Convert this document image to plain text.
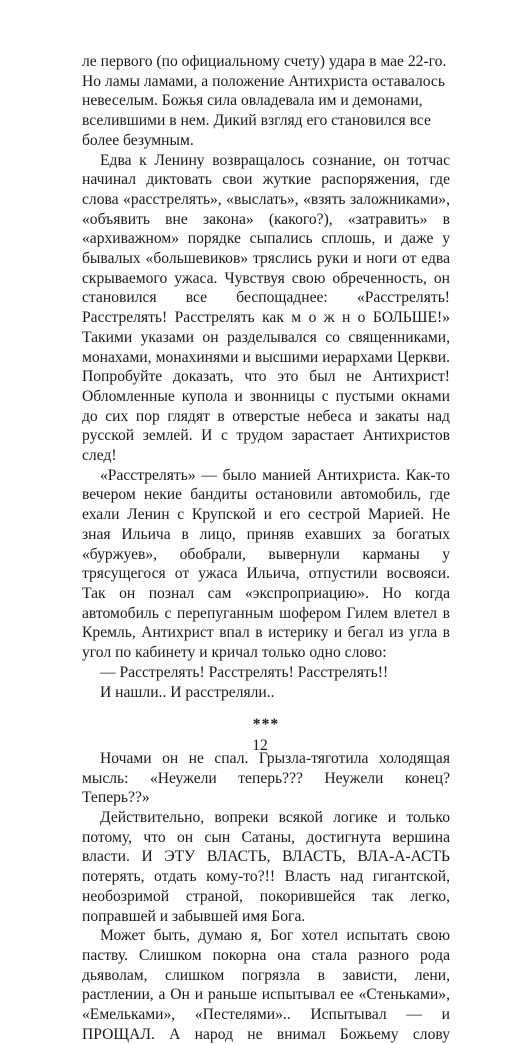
ле первого (по официальному счету) удара в мае 22-го. Но ламы ламами, а положение Антихриста оставалось невеселым. Божья сила овладевала им и демонами, вселившими в нем. Дикий взгляд его становился все более безумным.

Едва к Ленину возвращалось сознание, он тотчас начинал диктовать свои жуткие распоряжения, где слова «расстрелять», «выслать», «взять заложниками», «объявить вне закона» (какого?), «затравить» в «архиважном» порядке сыпались сплошь, и даже у бывалых «большевиков» тряслись руки и ноги от едва скрываемого ужаса. Чувствуя свою обреченность, он становился все беспощаднее: «Расстрелять! Расстрелять! Расстрелять как м о ж н о БОЛЬШЕ!» Такими указами он разделывался со священниками, монахами, монахинями и высшими иерархами Церкви. Попробуйте доказать, что это был не Антихрист! Обломленные купола и звонницы с пустыми окнами до сих пор глядят в отверстые небеса и закаты над русской землей. И с трудом зарастает Антихристов след!

«Расстрелять» — было манией Антихриста. Как-то вечером некие бандиты остановили автомобиль, где ехали Ленин с Крупской и его сестрой Марией. Не зная Ильича в лицо, приняв ехавших за богатых «буржуев», обобрали, вывернули карманы у трясущегося от ужаса Ильича, отпустили восвояси. Так он познал сам «экспроприацию». Но когда автомобиль с перепуганным шофером Гилем влетел в Кремль, Антихрист впал в истерику и бегал из угла в угол по кабинету и кричал только одно слово:

— Расстрелять! Расстрелять! Расстрелять!!

И нашли.. И расстреляли..

***

Ночами он не спал. Грызла-тяготила холодящая мысль: «Неужели теперь??? Неужели конец? Теперь??»

Действительно, вопреки всякой логике и только потому, что он сын Сатаны, достигнута вершина власти. И ЭТУ ВЛАСТЬ, ВЛАСТЬ, ВЛА-А-АСТЬ потерять, отдать кому-то?!! Власть над гигантской, необозримой страной, покорившейся так легко, поправшей и забывшей имя Бога.

Может быть, думаю я, Бог хотел испытать свою паству. Слишком покорна она стала разного рода дьяволам, слишком погрязла в зависти, лени, растлении, а Он и раньше испытывал ее «Стеньками», «Емельками», «Пестелями».. Испытывал — и ПРОЩАЛ. А народ не внимал Божьему слову

12
